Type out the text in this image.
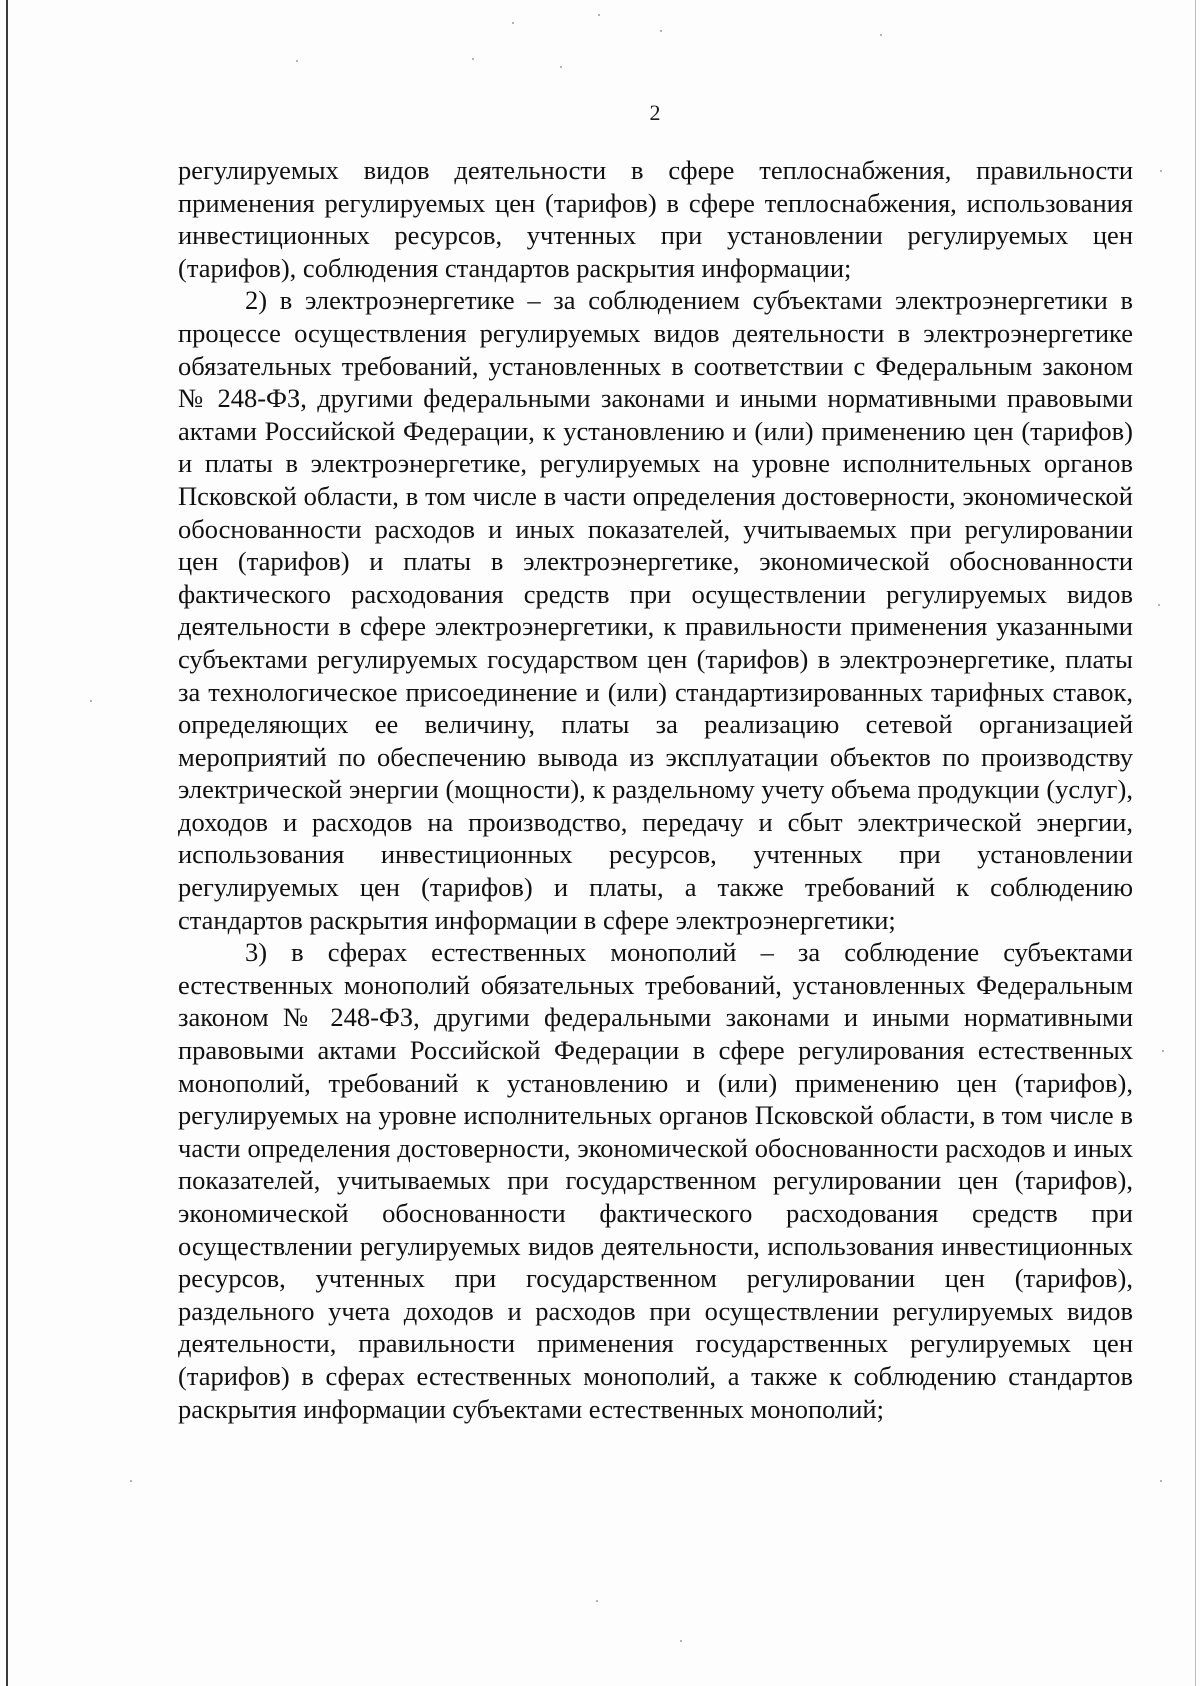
2

регулируемых видов деятельности в сфере теплоснабжения, правильности применения регулируемых цен (тарифов) в сфере теплоснабжения, использования инвестиционных ресурсов, учтенных при установлении регулируемых цен (тарифов), соблюдения стандартов раскрытия информации;

2) в электроэнергетике – за соблюдением субъектами электроэнергетики в процессе осуществления регулируемых видов деятельности в электроэнергетике обязательных требований, установленных в соответствии с Федеральным законом № 248-ФЗ, другими федеральными законами и иными нормативными правовыми актами Российской Федерации, к установлению и (или) применению цен (тарифов) и платы в электроэнергетике, регулируемых на уровне исполнительных органов Псковской области, в том числе в части определения достоверности, экономической обоснованности расходов и иных показателей, учитываемых при регулировании цен (тарифов) и платы в электроэнергетике, экономической обоснованности фактического расходования средств при осуществлении регулируемых видов деятельности в сфере электроэнергетики, к правильности применения указанными субъектами регулируемых государством цен (тарифов) в электроэнергетике, платы за технологическое присоединение и (или) стандартизированных тарифных ставок, определяющих ее величину, платы за реализацию сетевой организацией мероприятий по обеспечению вывода из эксплуатации объектов по производству электрической энергии (мощности), к раздельному учету объема продукции (услуг), доходов и расходов на производство, передачу и сбыт электрической энергии, использования инвестиционных ресурсов, учтенных при установлении регулируемых цен (тарифов) и платы, а также требований к соблюдению стандартов раскрытия информации в сфере электроэнергетики;

3) в сферах естественных монополий – за соблюдение субъектами естественных монополий обязательных требований, установленных Федеральным законом № 248-ФЗ, другими федеральными законами и иными нормативными правовыми актами Российской Федерации в сфере регулирования естественных монополий, требований к установлению и (или) применению цен (тарифов), регулируемых на уровне исполнительных органов Псковской области, в том числе в части определения достоверности, экономической обоснованности расходов и иных показателей, учитываемых при государственном регулировании цен (тарифов), экономической обоснованности фактического расходования средств при осуществлении регулируемых видов деятельности, использования инвестиционных ресурсов, учтенных при государственном регулировании цен (тарифов), раздельного учета доходов и расходов при осуществлении регулируемых видов деятельности, правильности применения государственных регулируемых цен (тарифов) в сферах естественных монополий, а также к соблюдению стандартов раскрытия информации субъектами естественных монополий;
